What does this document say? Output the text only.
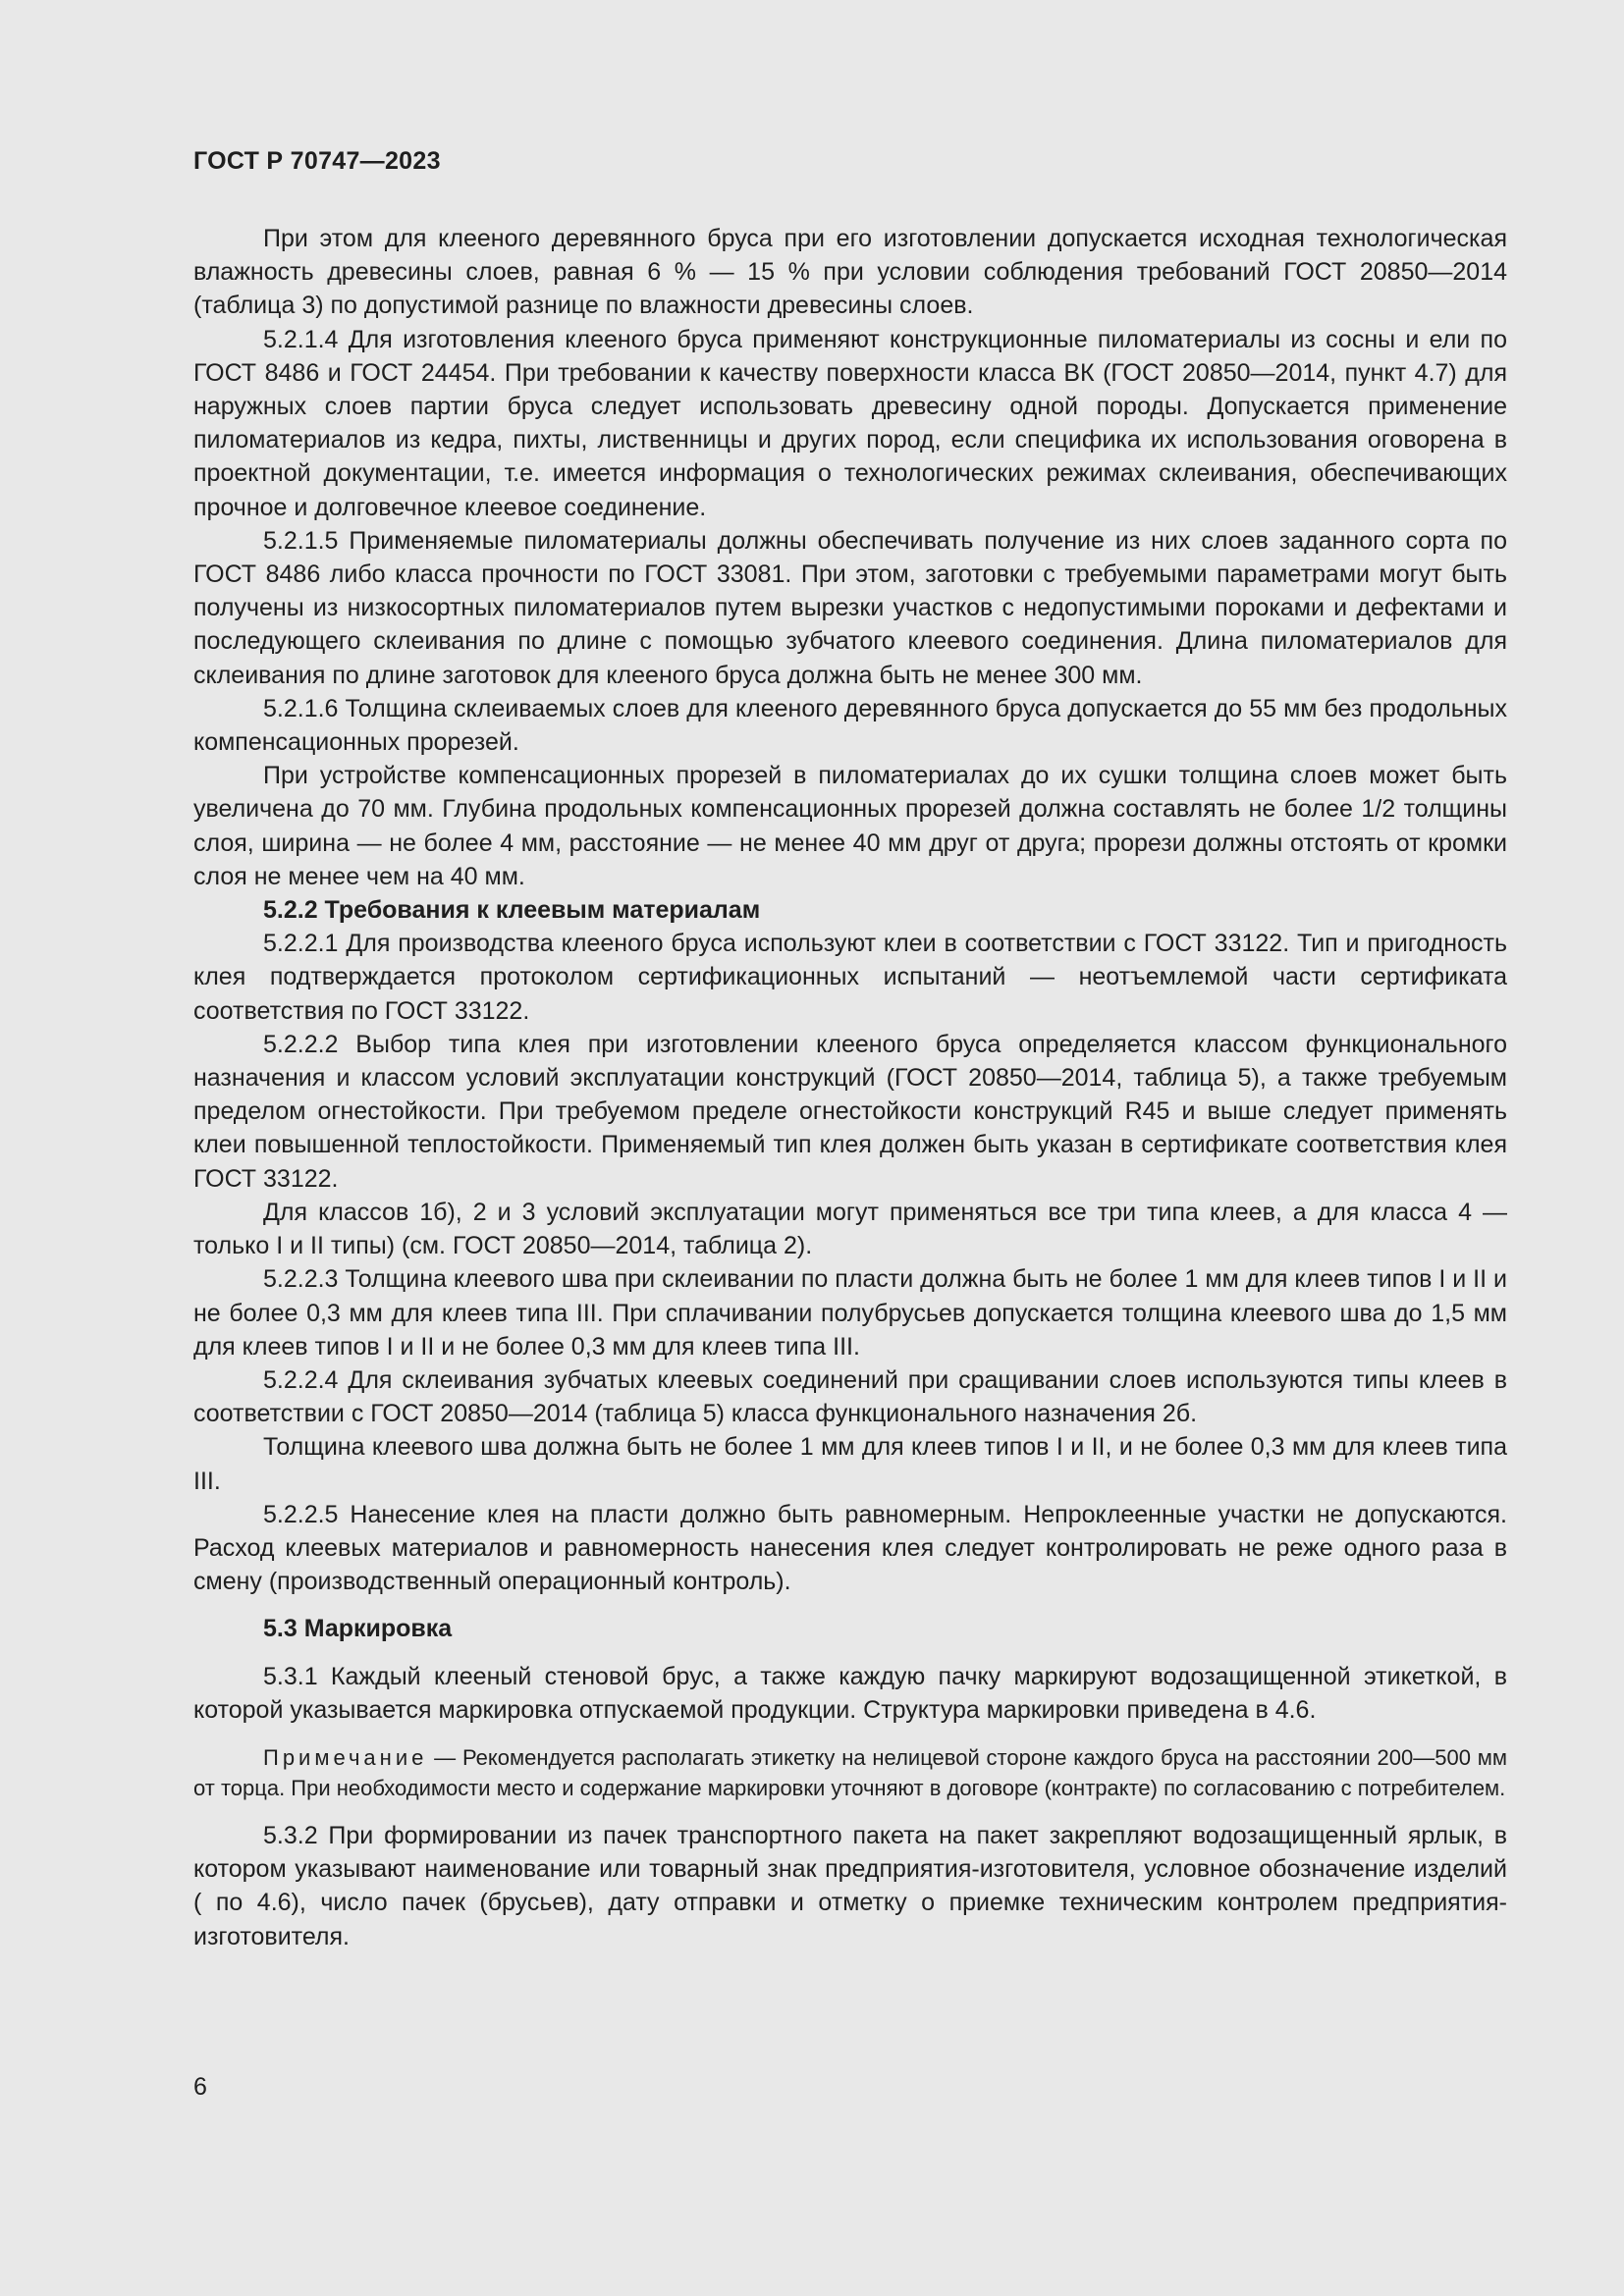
ГОСТ Р 70747—2023

При этом для клееного деревянного бруса при его изготовлении допускается исходная технологическая влажность древесины слоев, равная 6 % — 15 % при условии соблюдения требований ГОСТ 20850—2014 (таблица 3) по допустимой разнице по влажности древесины слоев.

5.2.1.4 Для изготовления клееного бруса применяют конструкционные пиломатериалы из сосны и ели по ГОСТ 8486 и ГОСТ 24454. При требовании к качеству поверхности класса ВК (ГОСТ 20850—2014, пункт 4.7) для наружных слоев партии бруса следует использовать древесину одной породы. Допускается применение пиломатериалов из кедра, пихты, лиственницы и других пород, если специфика их использования оговорена в проектной документации, т.е. имеется информация о технологических режимах склеивания, обеспечивающих прочное и долговечное клеевое соединение.

5.2.1.5 Применяемые пиломатериалы должны обеспечивать получение из них слоев заданного сорта по ГОСТ 8486 либо класса прочности по ГОСТ 33081. При этом, заготовки с требуемыми параметрами могут быть получены из низкосортных пиломатериалов путем вырезки участков с недопустимыми пороками и дефектами и последующего склеивания по длине с помощью зубчатого клеевого соединения. Длина пиломатериалов для склеивания по длине заготовок для клееного бруса должна быть не менее 300 мм.

5.2.1.6 Толщина склеиваемых слоев для клееного деревянного бруса допускается до 55 мм без продольных компенсационных прорезей.

При устройстве компенсационных прорезей в пиломатериалах до их сушки толщина слоев может быть увеличена до 70 мм. Глубина продольных компенсационных прорезей должна составлять не более 1/2 толщины слоя, ширина — не более 4 мм, расстояние — не менее 40 мм друг от друга; прорези должны отстоять от кромки слоя не менее чем на 40 мм.

5.2.2 Требования к клеевым материалам

5.2.2.1 Для производства клееного бруса используют клеи в соответствии с ГОСТ 33122. Тип и пригодность клея подтверждается протоколом сертификационных испытаний — неотъемлемой части сертификата соответствия по ГОСТ 33122.

5.2.2.2 Выбор типа клея при изготовлении клееного бруса определяется классом функционального назначения и классом условий эксплуатации конструкций (ГОСТ 20850—2014, таблица 5), а также требуемым пределом огнестойкости. При требуемом пределе огнестойкости конструкций R45 и выше следует применять клеи повышенной теплостойкости. Применяемый тип клея должен быть указан в сертификате соответствия клея ГОСТ 33122.

Для классов 1б), 2 и 3 условий эксплуатации могут применяться все три типа клеев, а для класса 4 — только I и II типы) (см. ГОСТ 20850—2014, таблица 2).

5.2.2.3 Толщина клеевого шва при склеивании по пласти должна быть не более 1 мм для клеев типов I и II и не более 0,3 мм для клеев типа III. При сплачивании полубрусьев допускается толщина клеевого шва до 1,5 мм для клеев типов I и II и не более 0,3 мм для клеев типа III.

5.2.2.4 Для склеивания зубчатых клеевых соединений при сращивании слоев используются типы клеев в соответствии с ГОСТ 20850—2014 (таблица 5) класса функционального назначения 2б.

Толщина клеевого шва должна быть не более 1 мм для клеев типов I и II, и не более 0,3 мм для клеев типа III.

5.2.2.5 Нанесение клея на пласти должно быть равномерным. Непроклеенные участки не допускаются. Расход клеевых материалов и равномерность нанесения клея следует контролировать не реже одного раза в смену (производственный операционный контроль).

5.3 Маркировка

5.3.1 Каждый клееный стеновой брус, а также каждую пачку маркируют водозащищенной этикеткой, в которой указывается маркировка отпускаемой продукции. Структура маркировки приведена в 4.6.

Примечание — Рекомендуется располагать этикетку на нелицевой стороне каждого бруса на расстоянии 200—500 мм от торца. При необходимости место и содержание маркировки уточняют в договоре (контракте) по согласованию с потребителем.

5.3.2 При формировании из пачек транспортного пакета на пакет закрепляют водозащищенный ярлык, в котором указывают наименование или товарный знак предприятия-изготовителя, условное обозначение изделий ( по 4.6), число пачек (брусьев), дату отправки и отметку о приемке техническим контролем предприятия-изготовителя.

6
